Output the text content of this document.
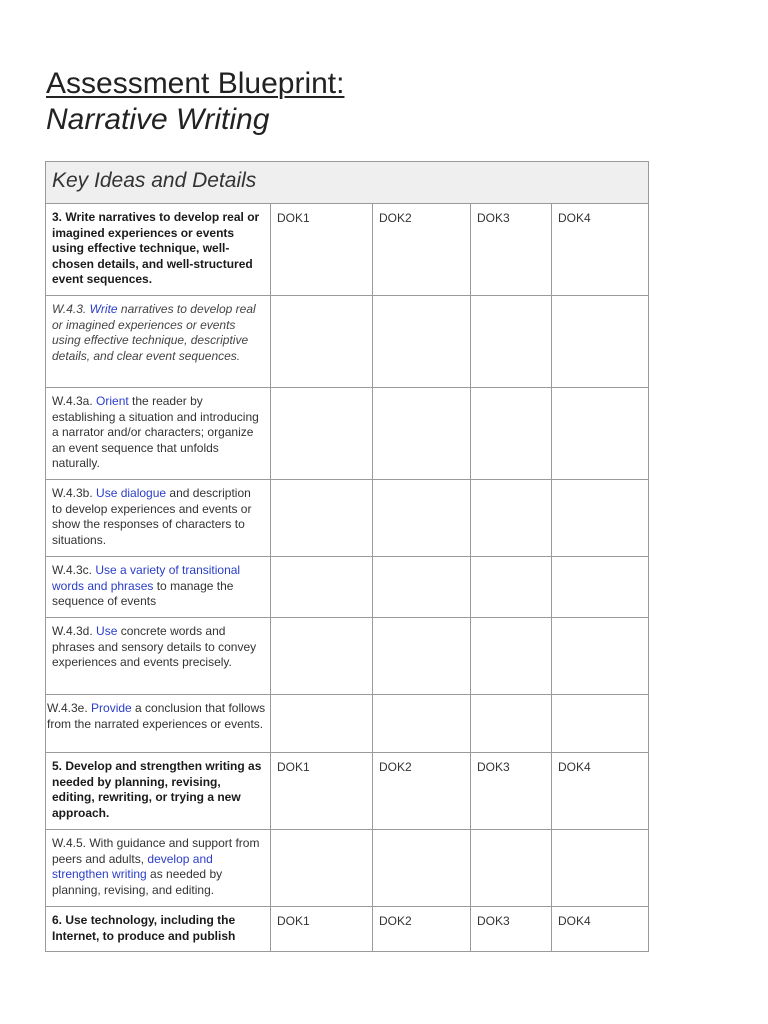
Assessment Blueprint:
Narrative Writing
Key Ideas and Details				
3. Write narratives to develop real or imagined experiences or events using effective technique, well-chosen details, and well-structured event sequences.	DOK1	DOK2	DOK3	DOK4
W.4.3. Write narratives to develop real or imagined experiences or events using effective technique, descriptive details, and clear event sequences.				
W.4.3a. Orient the reader by establishing a situation and introducing a narrator and/or characters; organize an event sequence that unfolds naturally.				
W.4.3b. Use dialogue and description to develop experiences and events or show the responses of characters to situations.				
W.4.3c. Use a variety of transitional words and phrases to manage the sequence of events				
W.4.3d. Use concrete words and phrases and sensory details to convey experiences and events precisely.				
W.4.3e. Provide a conclusion that follows from the narrated experiences or events.				
5. Develop and strengthen writing as needed by planning, revising, editing, rewriting, or trying a new approach.	DOK1	DOK2	DOK3	DOK4
W.4.5. With guidance and support from peers and adults, develop and strengthen writing as needed by planning, revising, and editing.				
6. Use technology, including the Internet, to produce and publish	DOK1	DOK2	DOK3	DOK4
